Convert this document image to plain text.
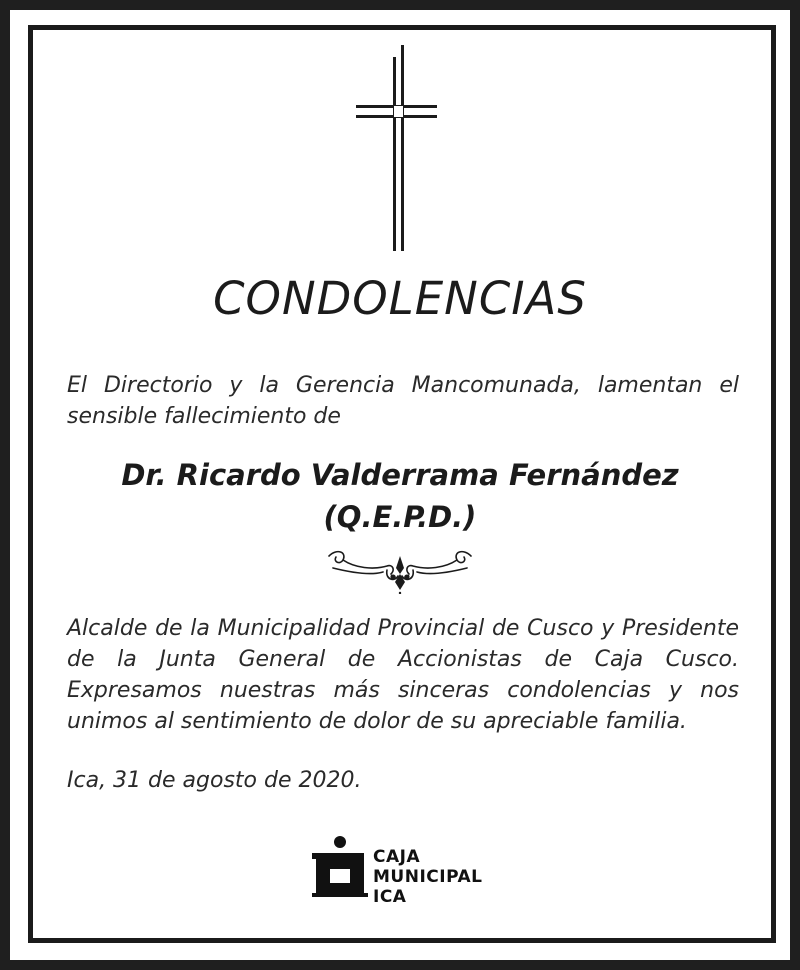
CONDOLENCIAS
El Directorio y la Gerencia Mancomunada, lamentan el sensible fallecimiento de
Dr. Ricardo Valderrama Fernández
(Q.E.P.D.)
Alcalde de la Municipalidad Provincial de Cusco y Presidente de la Junta General de Accionistas de Caja Cusco. Expresamos nuestras más sinceras condolencias y nos unimos al sentimiento de dolor de su apreciable familia.
Ica, 31 de agosto de 2020.
CAJA
MUNICIPAL
ICA
